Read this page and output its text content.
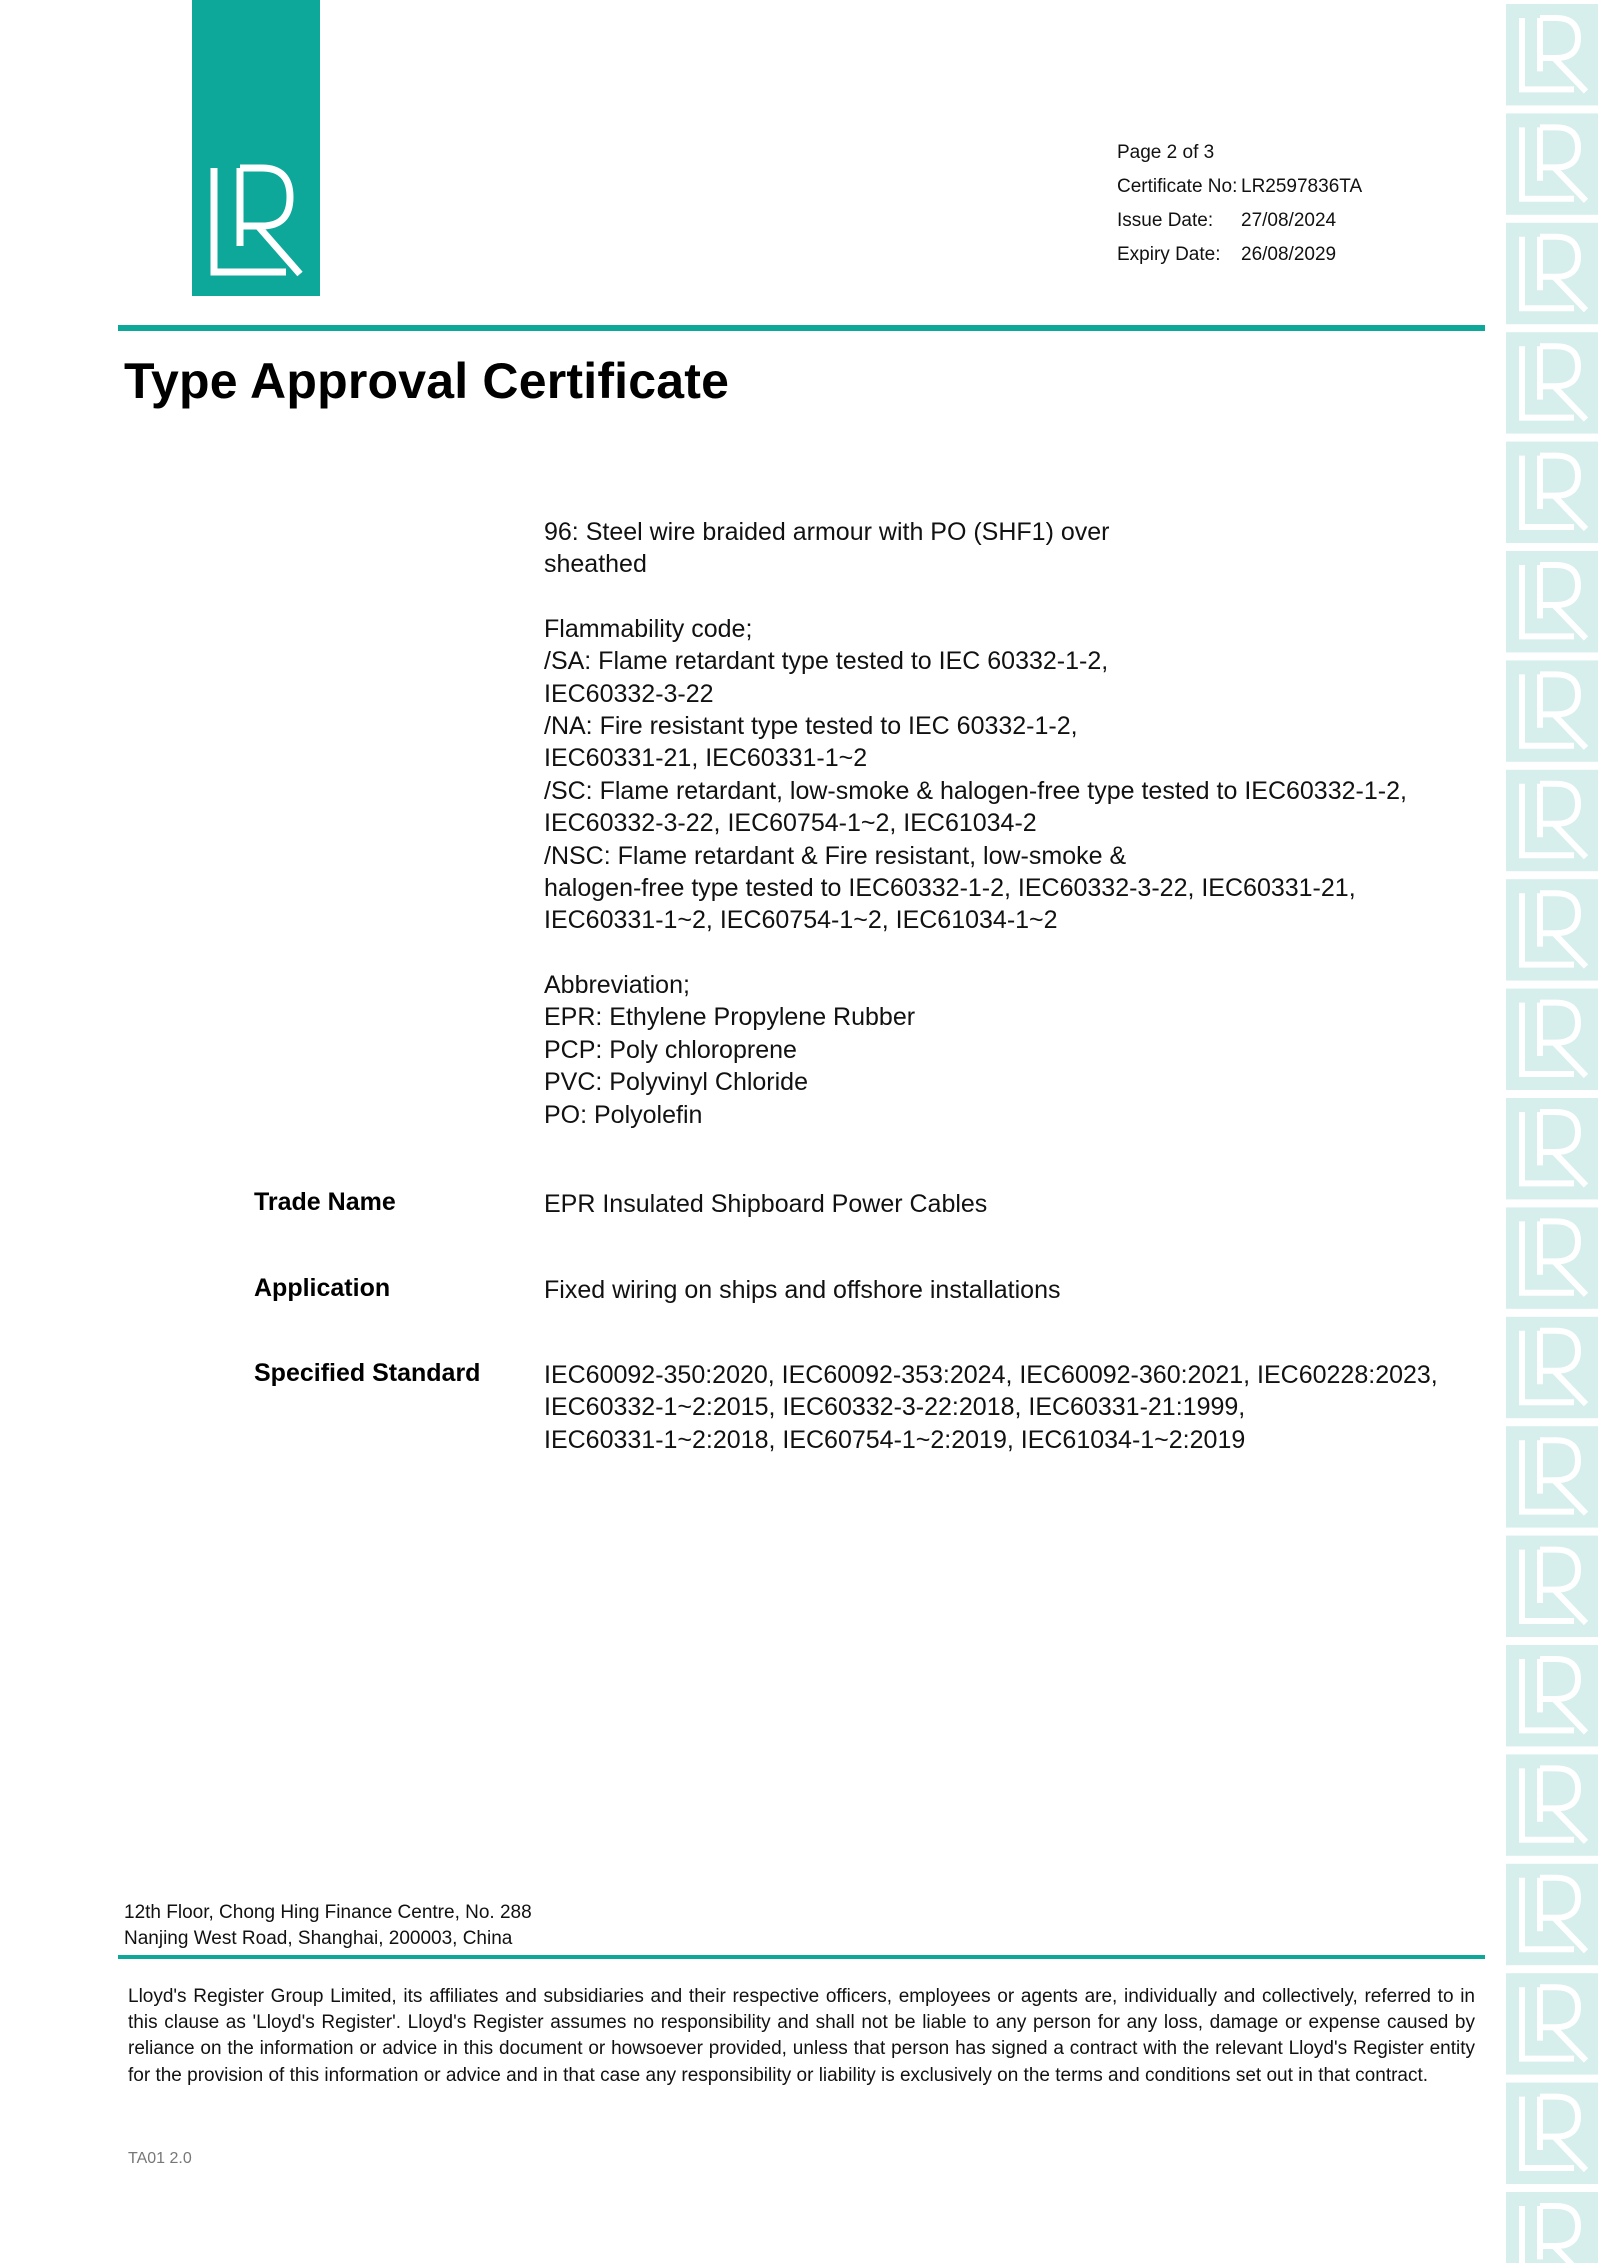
Page 2 of 3
Certificate No: LR2597836TA
Issue Date: 27/08/2024
Expiry Date: 26/08/2029
Type Approval Certificate
96: Steel wire braided armour with PO (SHF1) over
sheathed
Flammability code;
/SA: Flame retardant type tested to IEC 60332-1-2,
IEC60332-3-22
/NA: Fire resistant type tested to IEC 60332-1-2,
IEC60331-21, IEC60331-1~2
/SC: Flame retardant, low-smoke & halogen-free type tested to IEC60332-1-2,
IEC60332-3-22, IEC60754-1~2, IEC61034-2
/NSC: Flame retardant & Fire resistant, low-smoke &
halogen-free type tested to IEC60332-1-2, IEC60332-3-22, IEC60331-21,
IEC60331-1~2, IEC60754-1~2, IEC61034-1~2
Abbreviation;
EPR: Ethylene Propylene Rubber
PCP: Poly chloroprene
PVC: Polyvinyl Chloride
PO: Polyolefin
Trade Name	EPR Insulated Shipboard Power Cables
Application	Fixed wiring on ships and offshore installations
Specified Standard	IEC60092-350:2020, IEC60092-353:2024, IEC60092-360:2021, IEC60228:2023,
IEC60332-1~2:2015, IEC60332-3-22:2018, IEC60331-21:1999,
IEC60331-1~2:2018, IEC60754-1~2:2019, IEC61034-1~2:2019
12th Floor, Chong Hing Finance Centre, No. 288
Nanjing West Road, Shanghai, 200003, China
Lloyd's Register Group Limited, its affiliates and subsidiaries and their respective officers, employees or agents are, individually and collectively, referred to in this clause as 'Lloyd's Register'. Lloyd's Register assumes no responsibility and shall not be liable to any person for any loss, damage or expense caused by reliance on the information or advice in this document or howsoever provided, unless that person has signed a contract with the relevant Lloyd's Register entity for the provision of this information or advice and in that case any responsibility or liability is exclusively on the terms and conditions set out in that contract.
TA01 2.0
